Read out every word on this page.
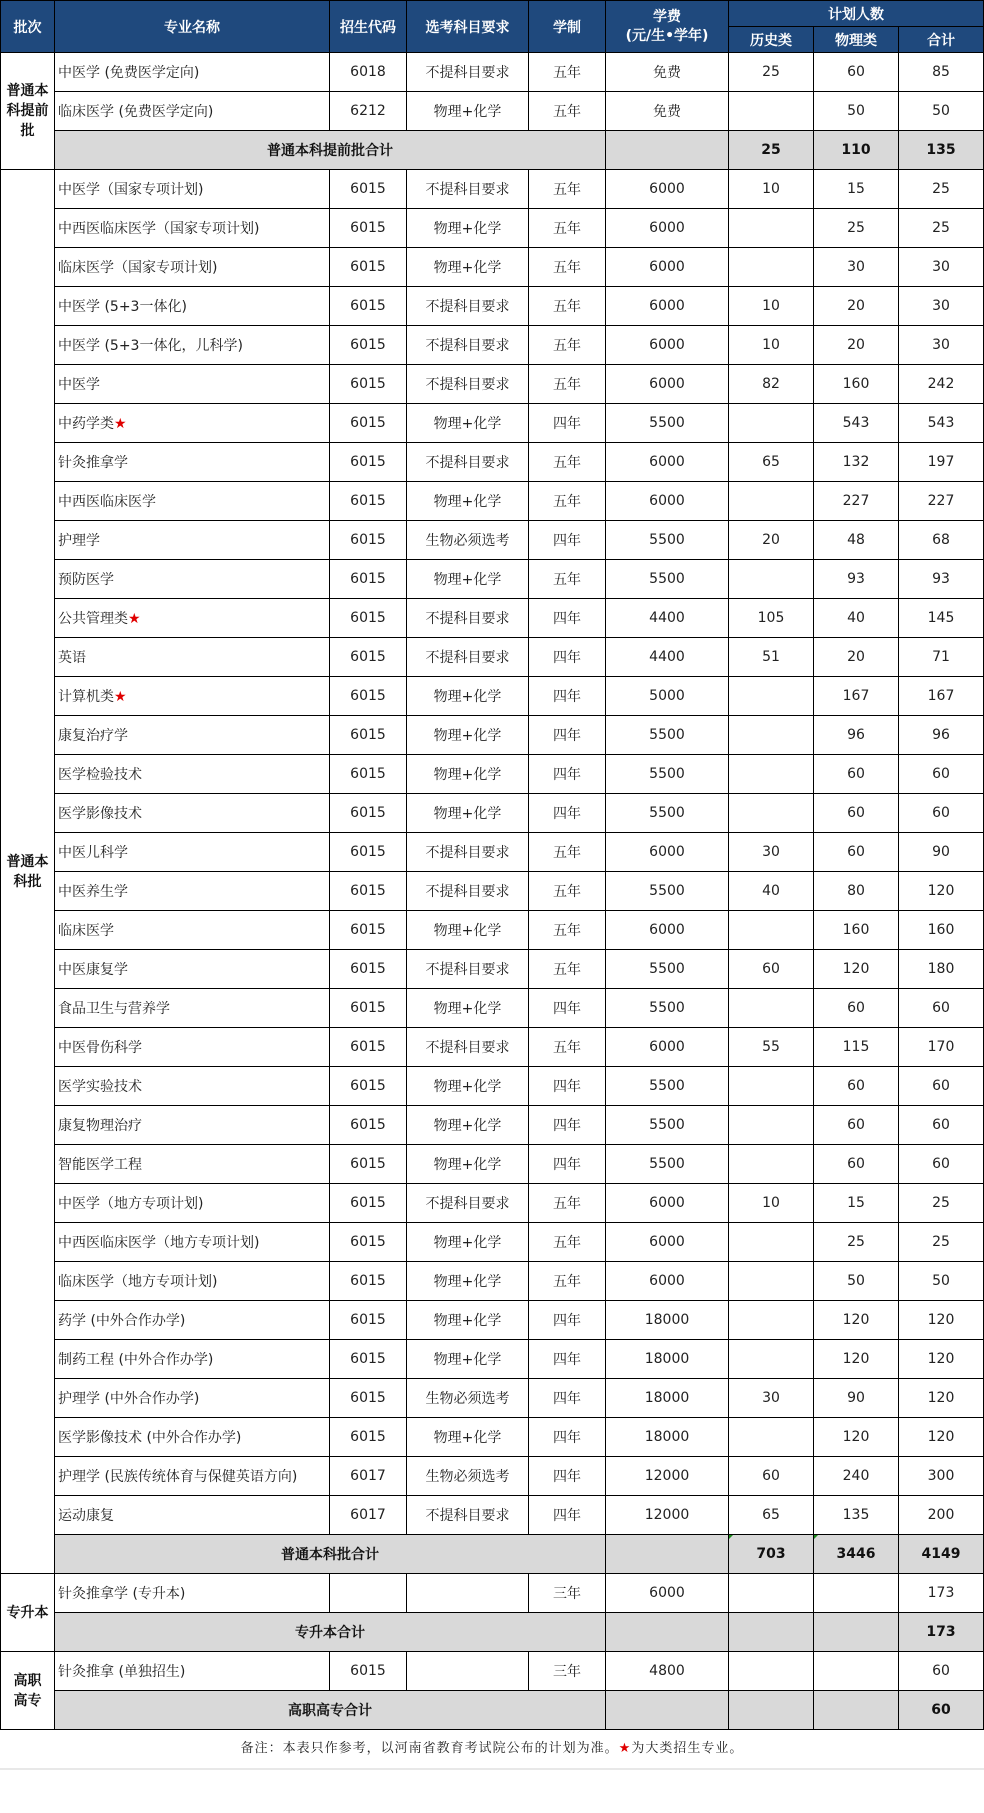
批次	专业名称	招生代码	选考科目要求	学制	学费
(元/生•学年)	计划人数		
						历史类	物理类	合计

普通本
科提前
批	中医学 (免费医学定向)	6018	不提科目要求	五年	免费	25	60	85
	临床医学 (免费医学定向)	6212	物理+化学	五年	免费		50	50
	普通本科提前批合计					25	110	135

普通本
科批	中医学（国家专项计划)	6015	不提科目要求	五年	6000	10	15	25
	中西医临床医学（国家专项计划)	6015	物理+化学	五年	6000		25	25
	临床医学（国家专项计划)	6015	物理+化学	五年	6000		30	30
	中医学 (5+3一体化)	6015	不提科目要求	五年	6000	10	20	30
	中医学 (5+3一体化，儿科学)	6015	不提科目要求	五年	6000	10	20	30
	中医学	6015	不提科目要求	五年	6000	82	160	242
	中药学类★	6015	物理+化学	四年	5500		543	543
	针灸推拿学	6015	不提科目要求	五年	6000	65	132	197
	中西医临床医学	6015	物理+化学	五年	6000		227	227
	护理学	6015	生物必须选考	四年	5500	20	48	68
	预防医学	6015	物理+化学	五年	5500		93	93
	公共管理类★	6015	不提科目要求	四年	4400	105	40	145
	英语	6015	不提科目要求	四年	4400	51	20	71
	计算机类★	6015	物理+化学	四年	5000		167	167
	康复治疗学	6015	物理+化学	四年	5500		96	96
	医学检验技术	6015	物理+化学	四年	5500		60	60
	医学影像技术	6015	物理+化学	四年	5500		60	60
	中医儿科学	6015	不提科目要求	五年	6000	30	60	90
	中医养生学	6015	不提科目要求	五年	5500	40	80	120
	临床医学	6015	物理+化学	五年	6000		160	160
	中医康复学	6015	不提科目要求	五年	5500	60	120	180
	食品卫生与营养学	6015	物理+化学	四年	5500		60	60
	中医骨伤科学	6015	不提科目要求	五年	6000	55	115	170
	医学实验技术	6015	物理+化学	四年	5500		60	60
	康复物理治疗	6015	物理+化学	四年	5500		60	60
	智能医学工程	6015	物理+化学	四年	5500		60	60
	中医学（地方专项计划)	6015	不提科目要求	五年	6000	10	15	25
	中西医临床医学（地方专项计划)	6015	物理+化学	五年	6000		25	25
	临床医学（地方专项计划)	6015	物理+化学	五年	6000		50	50
	药学 (中外合作办学)	6015	物理+化学	四年	18000		120	120
	制药工程 (中外合作办学)	6015	物理+化学	四年	18000		120	120
	护理学 (中外合作办学)	6015	生物必须选考	四年	18000	30	90	120
	医学影像技术 (中外合作办学)	6015	物理+化学	四年	18000		120	120
	护理学 (民族传统体育与保健英语方向)	6017	生物必须选考	四年	12000	60	240	300
	运动康复	6017	不提科目要求	四年	12000	65	135	200
	普通本科批合计					703	3446	4149

专升本	针灸推拿学 (专升本)			三年	6000			173
	专升本合计							173

高职
高专	针灸推拿 (单独招生)	6015		三年	4800			60
	高职高专合计							60
备注：本表只作参考，以河南省教育考试院公布的计划为准。★为大类招生专业。
